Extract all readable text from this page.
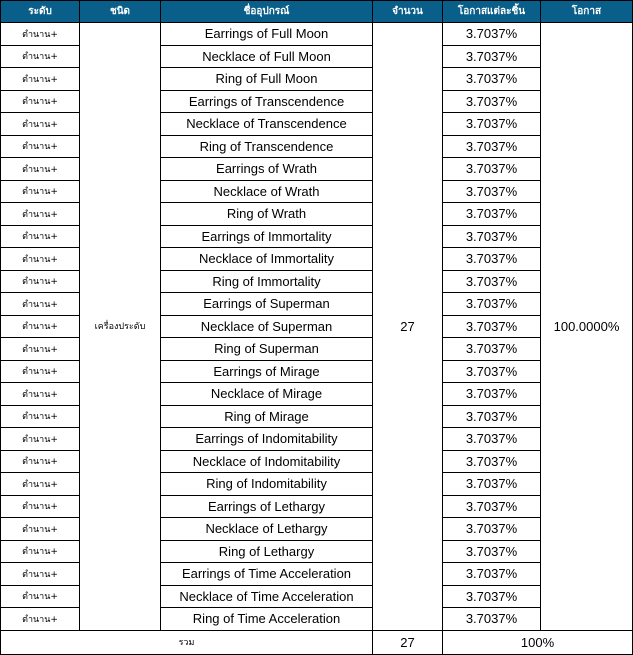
ระดับ	ชนิด	ชื่ออุปกรณ์	จำนวน	โอกาสแต่ละชิ้น	โอกาส
ตำนาน+	เครื่องประดับ	Earrings of Full Moon	27	3.7037%	100.0000%
ตำนาน+		Necklace of Full Moon		3.7037%	
ตำนาน+		Ring of Full Moon		3.7037%	
ตำนาน+		Earrings of Transcendence		3.7037%	
ตำนาน+		Necklace of Transcendence		3.7037%	
ตำนาน+		Ring of Transcendence		3.7037%	
ตำนาน+		Earrings of Wrath		3.7037%	
ตำนาน+		Necklace of Wrath		3.7037%	
ตำนาน+		Ring of Wrath		3.7037%	
ตำนาน+		Earrings of Immortality		3.7037%	
ตำนาน+		Necklace of Immortality		3.7037%	
ตำนาน+		Ring of Immortality		3.7037%	
ตำนาน+		Earrings of Superman		3.7037%	
ตำนาน+		Necklace of Superman		3.7037%	
ตำนาน+		Ring of Superman		3.7037%	
ตำนาน+		Earrings of Mirage		3.7037%	
ตำนาน+		Necklace of Mirage		3.7037%	
ตำนาน+		Ring of Mirage		3.7037%	
ตำนาน+		Earrings of Indomitability		3.7037%	
ตำนาน+		Necklace of Indomitability		3.7037%	
ตำนาน+		Ring of Indomitability		3.7037%	
ตำนาน+		Earrings of Lethargy		3.7037%	
ตำนาน+		Necklace of Lethargy		3.7037%	
ตำนาน+		Ring of Lethargy		3.7037%	
ตำนาน+		Earrings of Time Acceleration		3.7037%	
ตำนาน+		Necklace of Time Acceleration		3.7037%	
ตำนาน+		Ring of Time Acceleration		3.7037%	
รวม			27	100%	
